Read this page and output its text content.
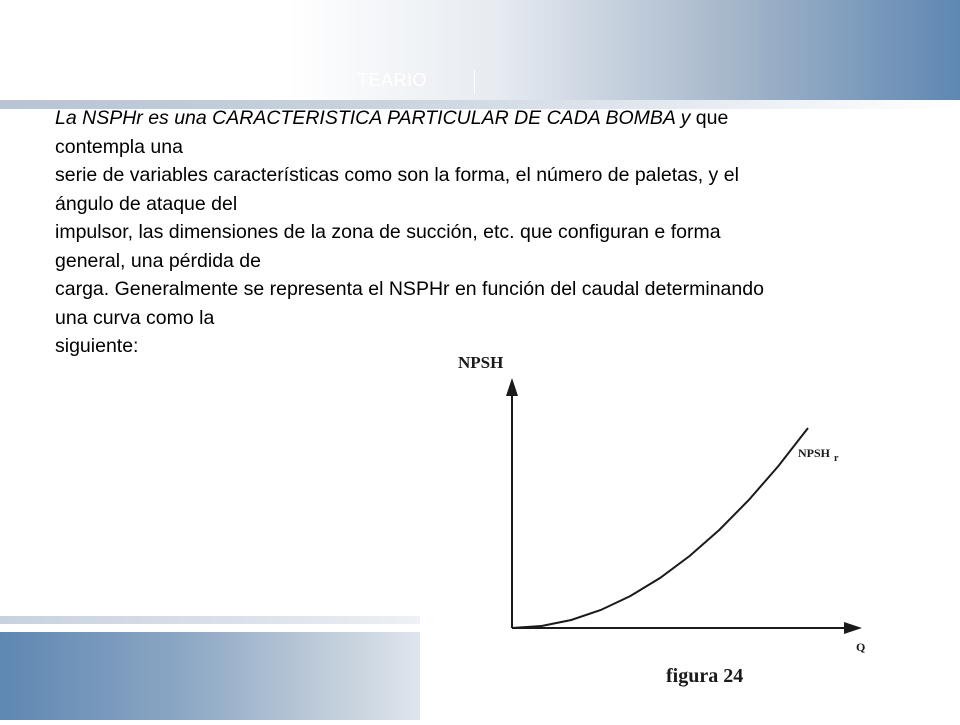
TEARIO

La NSPHr es una CARACTERISTICA PARTICULAR DE CADA BOMBA y que
contempla una
serie de variables características como son la forma, el número de paletas, y el
ángulo de ataque del
impulsor, las dimensiones de la zona de succión, etc. que configuran e forma
general, una pérdida de
carga. Generalmente se representa el NSPHr en función del caudal determinando
una curva como la
siguiente:

NPSH
Q
NPSH $_r$
figura 24
